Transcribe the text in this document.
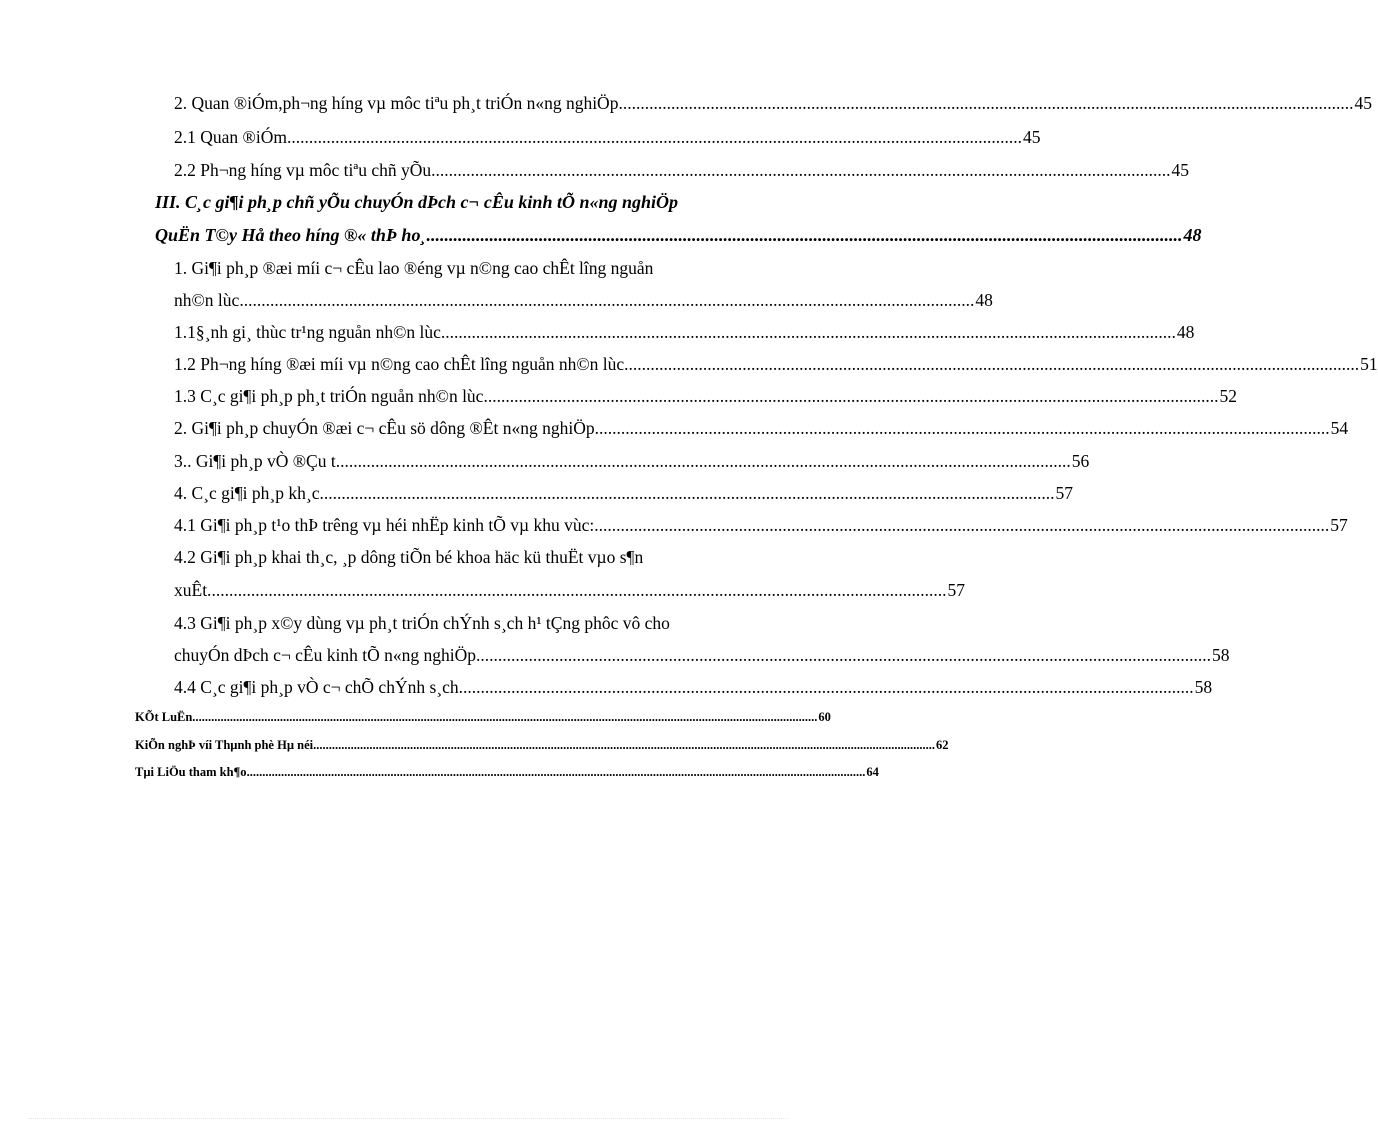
2. Quan ®iÓm,ph¬ng híng vµ môc tiªu ph¸t triÓn n«ng nghiÖp ........................................................................................................................................................................ 45
2.1 Quan ®iÓm ........................................................................................................................................................................ 45
2.2 Ph¬ng híng vµ môc tiªu chñ yÕu. ........................................................................................................................................................................ 45
III. C¸c gi¶i ph¸p chñ yÕu chuyÓn dÞch c¬ cÊu kinh tÕ n«ng nghiÖp
QuËn T©y Hå theo híng ®« thÞ ho¸ ........................................................................................................................................................................ 48
1. Gi¶i ph¸p ®æi míi c¬ cÊu lao ®éng vµ n©ng cao chÊt lîng nguån
nh©n lùc ........................................................................................................................................................................ 48
1.1§¸nh gi¸ thùc tr¹ng nguån nh©n lùc ........................................................................................................................................................................ 48
1.2 Ph¬ng híng ®æi míi vµ n©ng cao chÊt lîng nguån nh©n lùc ........................................................................................................................................................................ 51
1.3 C¸c gi¶i ph¸p ph¸t triÓn nguån nh©n lùc ........................................................................................................................................................................ 52
2. Gi¶i ph¸p chuyÓn ®æi c¬ cÊu sö dông ®Êt n«ng nghiÖp ........................................................................................................................................................................ 54
3.. Gi¶i ph¸p vÒ ®Çu t ........................................................................................................................................................................ 56
4. C¸c gi¶i ph¸p kh¸c ........................................................................................................................................................................ 57
4.1 Gi¶i ph¸p t¹o thÞ trêng vµ héi nhËp kinh tÕ vµ khu vùc: ........................................................................................................................................................................ 57
4.2 Gi¶i ph¸p khai th¸c, ¸p dông tiÕn bé khoa häc kü thuËt vµo s¶n
xuÊt. ........................................................................................................................................................................ 57
4.3 Gi¶i ph¸p x©y dùng vµ ph¸t triÓn chÝnh s¸ch h¹ tÇng phôc vô cho
chuyÓn dÞch c¬ cÊu kinh tÕ n«ng nghiÖp ........................................................................................................................................................................ 58
4.4 C¸c gi¶i ph¸p vÒ c¬ chÕ chÝnh s¸ch ........................................................................................................................................................................ 58
KÕt LuËn.. ...................................................................................................................................................................................................... 60
KiÕn nghÞ víi Thµnh phè Hµ néi. ...................................................................................................................................................................................................... 62
Tµi LiÖu tham kh¶o ...................................................................................................................................................................................................... 64
